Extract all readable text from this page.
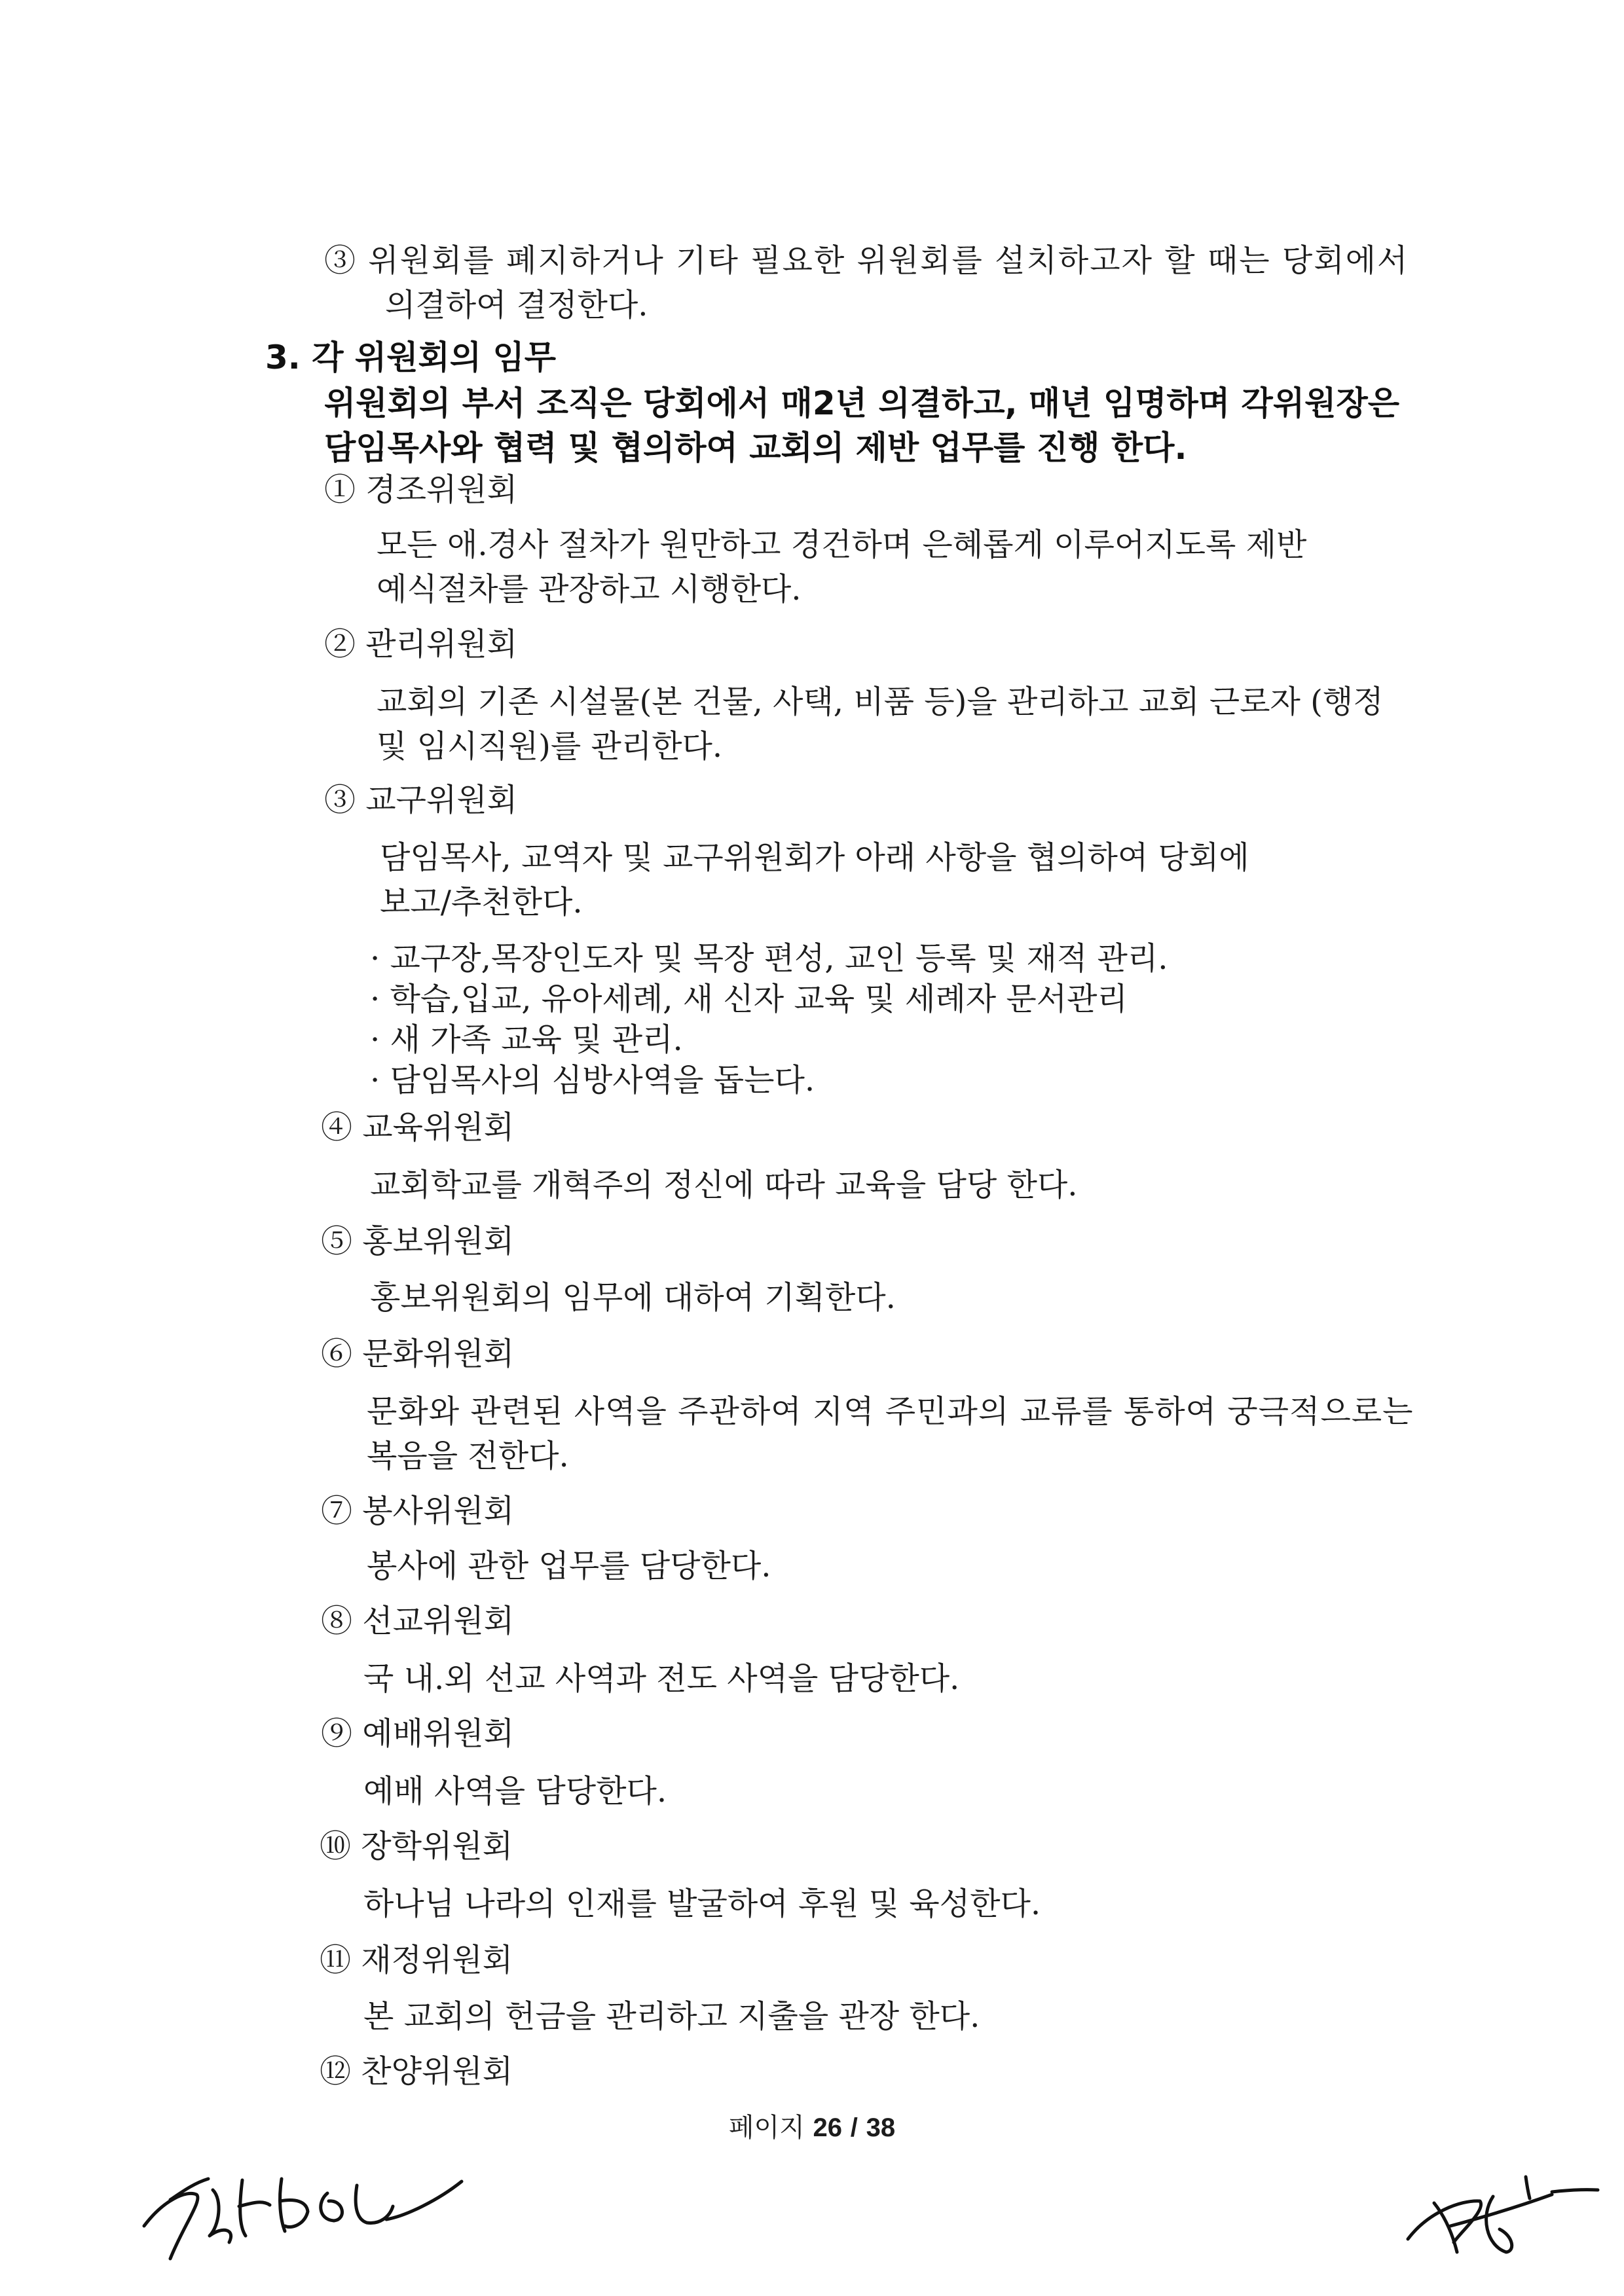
③ 위원회를 폐지하거나 기타 필요한 위원회를 설치하고자 할 때는 당회에서
의결하여 결정한다.
3. 각 위원회의 임무
위원회의 부서 조직은 당회에서 매2년 의결하고, 매년 임명하며 각위원장은
담임목사와 협력 및 협의하여 교회의 제반 업무를 진행 한다.
① 경조위원회
모든 애.경사 절차가 원만하고 경건하며 은혜롭게 이루어지도록 제반
예식절차를 관장하고 시행한다.
② 관리위원회
교회의 기존 시설물(본 건물, 사택, 비품 등)을 관리하고 교회 근로자 (행정
및 임시직원)를 관리한다.
③ 교구위원회
담임목사, 교역자 및 교구위원회가 아래 사항을 협의하여 당회에
보고/추천한다.
· 교구장,목장인도자 및 목장 편성, 교인 등록 및 재적 관리.
· 학습,입교, 유아세례, 새 신자 교육 및 세례자 문서관리
· 새 가족 교육 및 관리.
· 담임목사의 심방사역을 돕는다.
④ 교육위원회
교회학교를 개혁주의 정신에 따라 교육을 담당 한다.
⑤ 홍보위원회
홍보위원회의 임무에 대하여 기획한다.
⑥ 문화위원회
문화와 관련된 사역을 주관하여 지역 주민과의 교류를 통하여 궁극적으로는
복음을 전한다.
⑦ 봉사위원회
봉사에 관한 업무를 담당한다.
⑧ 선교위원회
국 내.외 선교 사역과 전도 사역을 담당한다.
⑨ 예배위원회
예배 사역을 담당한다.
⑩ 장학위원회
하나님 나라의 인재를 발굴하여 후원 및 육성한다.
⑪ 재정위원회
본 교회의 헌금을 관리하고 지출을 관장 한다.
⑫ 찬양위원회
페이지 26 / 38
